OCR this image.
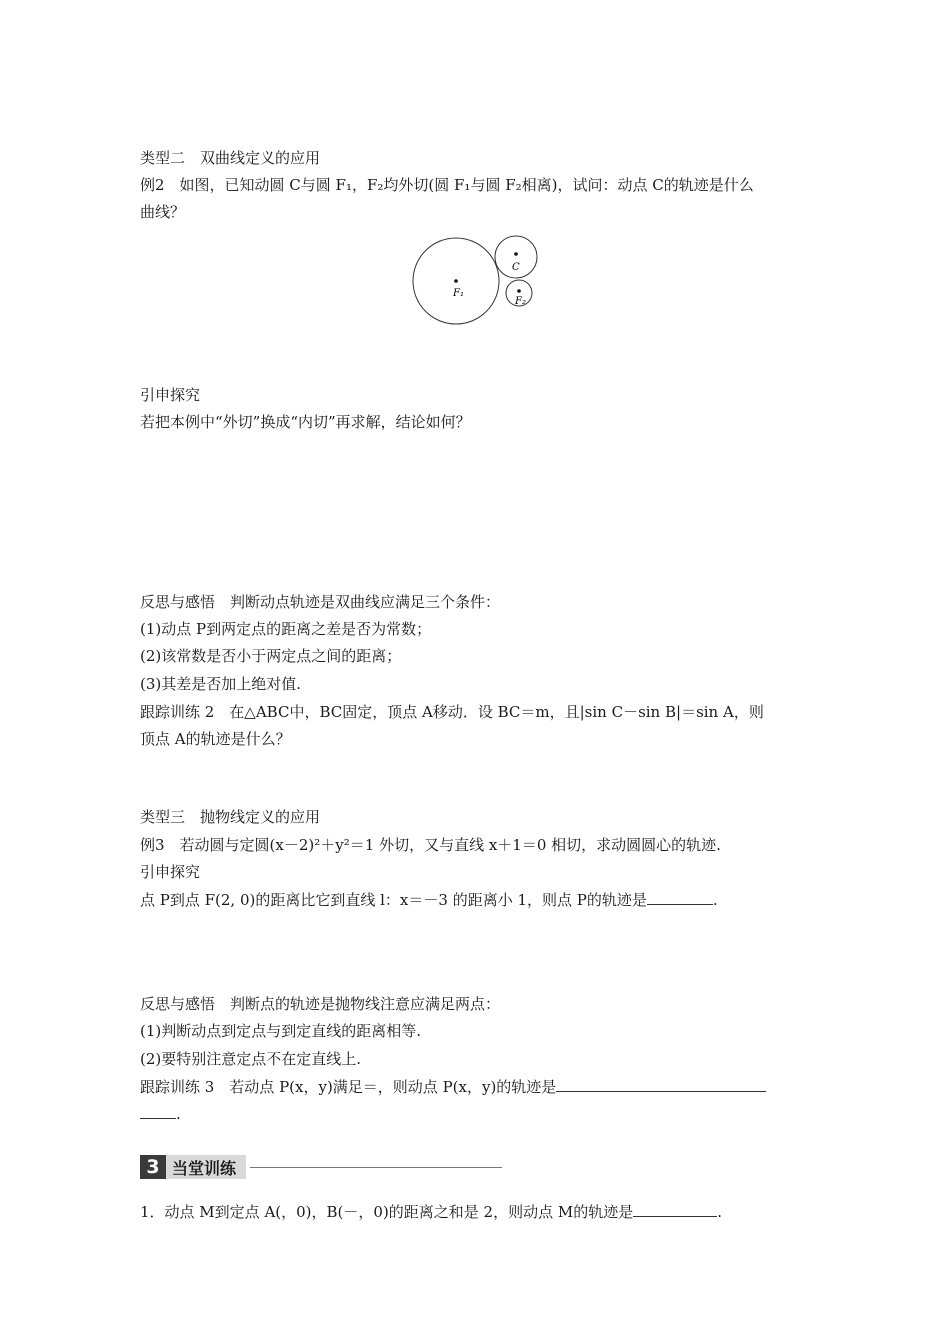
类型二　双曲线定义的应用
例2　如图，已知动圆 C与圆 F₁，F₂均外切(圆 F₁与圆 F₂相离)，试问：动点 C的轨迹是什么
曲线？
F₁
C
F₂
引申探究
若把本例中“外切”换成“内切”再求解，结论如何？
反思与感悟　判断动点轨迹是双曲线应满足三个条件：
(1)动点 P到两定点的距离之差是否为常数；
(2)该常数是否小于两定点之间的距离；
(3)其差是否加上绝对值.
跟踪训练 2　在△ABC中，BC固定，顶点 A移动．设 BC＝m，且|sin C－sin B|＝sin A，则
顶点 A的轨迹是什么？
类型三　抛物线定义的应用
例3　若动圆与定圆(x－2)²＋y²＝1 外切，又与直线 x＋1＝0 相切，求动圆圆心的轨迹.
引申探究
点 P到点 F(2, 0)的距离比它到直线 l：x＝－3 的距离小 1，则点 P的轨迹是	.
反思与感悟　判断点的轨迹是抛物线注意应满足两点：
(1)判断动点到定点与到定直线的距离相等.
(2)要特别注意定点不在定直线上.
跟踪训练 3　若动点 P(x，y)满足＝，则动点 P(x，y)的轨迹是
.
3 当堂训练
1．动点 M到定点 A(，0)，B(－，0)的距离之和是 2，则动点 M的轨迹是	.
